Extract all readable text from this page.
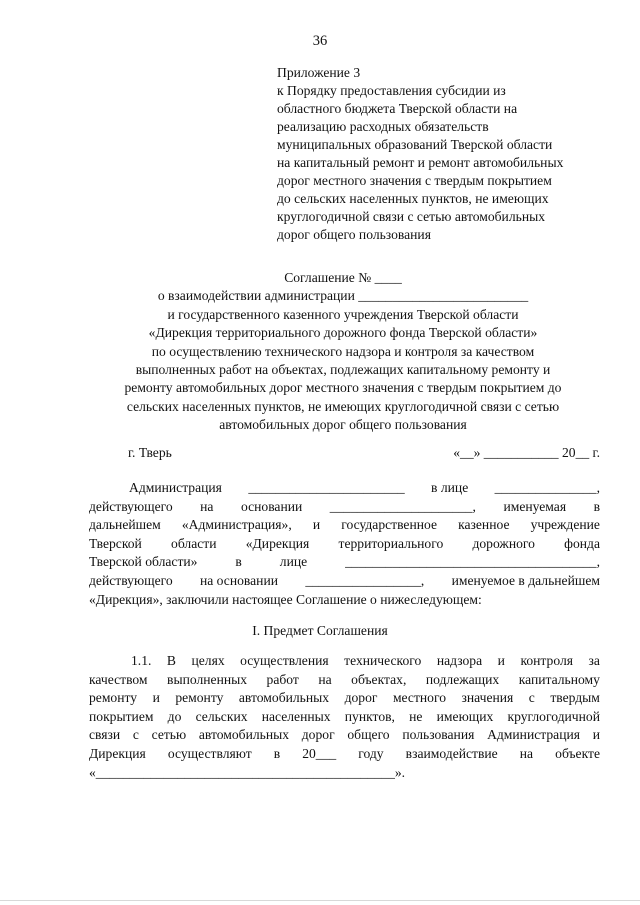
36
Приложение 3
к Порядку предоставления субсидии из
областного бюджета Тверской области на
реализацию расходных обязательств
муниципальных образований Тверской области
на капитальный ремонт и ремонт автомобильных
дорог местного значения с твердым покрытием
до сельских населенных пунктов, не имеющих
круглогодичной связи с сетью автомобильных
дорог общего пользования
Соглашение № ____
о взаимодействии администрации _________________________
и государственного казенного учреждения Тверской области
«Дирекция территориального дорожного фонда Тверской области»
по осуществлению технического надзора и контроля за качеством
выполненных работ на объектах, подлежащих капитальному ремонту и
ремонту автомобильных дорог местного значения с твердым покрытием до
сельских населенных пунктов, не имеющих круглогодичной связи с сетью
автомобильных дорог общего пользования
г. Тверь	«__» ___________ 20__ г.
Администрация _______________________ в лице _______________,
действующего на основании _____________________, именуемая в
дальнейшем «Администрация», и государственное казенное учреждение
Тверской области «Дирекция территориального дорожного фонда
Тверской области»	в	лице	_____________________________________,
действующего на основании _________________, именуемое в дальнейшем
«Дирекция», заключили настоящее Соглашение о нижеследующем:
I. Предмет Соглашения
1.1. В целях осуществления технического надзора и контроля за
качеством выполненных работ на объектах, подлежащих капитальному
ремонту и ремонту автомобильных дорог местного значения с твердым
покрытием до сельских населенных пунктов, не имеющих круглогодичной
связи с сетью автомобильных дорог общего пользования Администрация и
Дирекция осуществляют в 20___ году взаимодействие на объекте
«____________________________________________».
